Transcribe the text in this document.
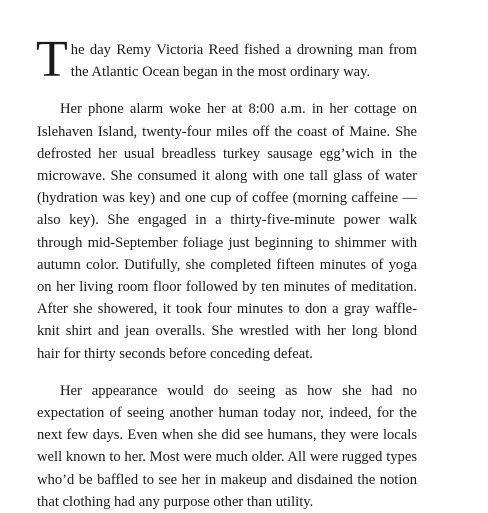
The day Remy Victoria Reed fished a drowning man from the Atlantic Ocean began in the most ordinary way.

Her phone alarm woke her at 8:00 a.m. in her cottage on Islehaven Island, twenty-four miles off the coast of Maine. She defrosted her usual breadless turkey sausage egg’wich in the microwave. She consumed it along with one tall glass of water (hydration was key) and one cup of coffee (morning caffeine —also key). She engaged in a thirty-five-minute power walk through mid-September foliage just beginning to shimmer with autumn color. Dutifully, she completed fifteen minutes of yoga on her living room floor followed by ten minutes of meditation. After she showered, it took four minutes to don a gray waffle-knit shirt and jean overalls. She wrestled with her long blond hair for thirty seconds before conceding defeat.

Her appearance would do seeing as how she had no expectation of seeing another human today nor, indeed, for the next few days. Even when she did see humans, they were locals well known to her. Most were much older. All were rugged types who’d be baffled to see her in makeup and disdained the notion that clothing had any purpose other than utility.
